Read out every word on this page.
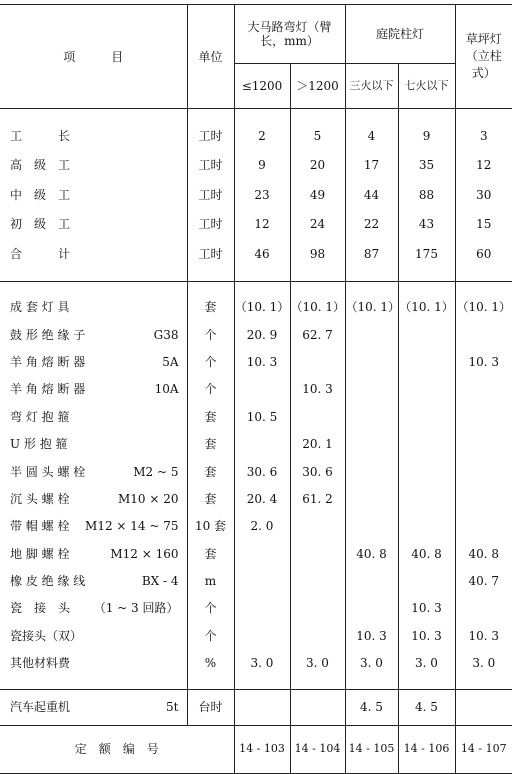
项　　　目	单位	大马路弯灯（臂长，mm）		庭院柱灯		草坪灯（立柱式）
		≤1200	＞1200	三火以下	七火以下	

工　　　长	工时	2	5	4	9	3
高　级　工	工时	9	20	17	35	12
中　级　工	工时	23	49	44	88	30
初　级　工	工时	12	24	22	43	15
合　　　计	工时	46	98	87	175	60

成 套 灯 具	套	（10. 1）	（10. 1）	（10. 1）	（10. 1）	（10. 1）
鼓 形 绝 缘 子 G38	个	20. 9	62. 7			
羊 角 熔 断 器 5A	个	10. 3				10. 3
羊 角 熔 断 器 10A	个		10. 3			
弯 灯 抱 箍	套	10. 5				
U 形 抱 箍	套		20. 1			
半 圆 头 螺 栓 M2 ~ 5	套	30. 6	30. 6			
沉 头 螺 栓 M10 × 20	套	20. 4	61. 2			
带 帽 螺 栓 M12 × 14 ~ 75	10 套	2. 0				
地 脚 螺 栓 M12 × 160	套			40. 8	40. 8	40. 8
橡 皮 绝 缘 线 BX - 4	m					40. 7
瓷　接　头 （1 ~ 3 回路）	个				10. 3	
瓷接头（双）	个			10. 3	10. 3	10. 3
其他材料费	%	3. 0	3. 0	3. 0	3. 0	3. 0

汽车起重机 5t	台时			4. 5	4. 5	
定　额　编　号		14 - 103	14 - 104	14 - 105	14 - 106	14 - 107
